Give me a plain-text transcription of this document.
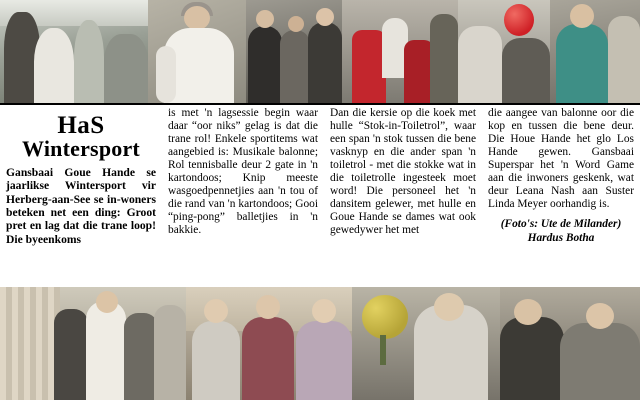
HaS
Wintersport
Gansbaai Goue Hande se jaarlikse Wintersport vir Herberg-aan-See se in-woners beteken net een ding: Groot pret en lag dat die trane loop! Die byeenkoms
is met 'n lagsessie begin waar daar “oor niks” gelag is dat die trane rol! Enkele sportitems wat aangebied is: Musikale balonne; Rol tennisballe deur 2 gate in 'n kartondoos; Knip meeste wasgoedpennetjies aan 'n tou of die rand van 'n kartondoos; Gooi “ping-pong” balletjies in 'n bakkie.
Dan die kersie op die koek met hulle “Stok-in-Toiletrol”, waar een span 'n stok tussen die bene vasknyp en die ander span 'n toiletrol - met die stokke wat in die toiletrolle ingesteek moet word! Die personeel het 'n dansitem gelewer, met hulle en Goue Hande se dames wat ook gewedywer het met
die aangee van balonne oor die kop en tussen die bene deur. Die Houe Hande het glo Los Hande gewen. Gansbaai Superspar het 'n Word Game aan die inwoners geskenk, wat deur Leana Nash aan Suster Linda Meyer oorhandig is.
(Foto's: Ute de Milander)
Hardus Botha
